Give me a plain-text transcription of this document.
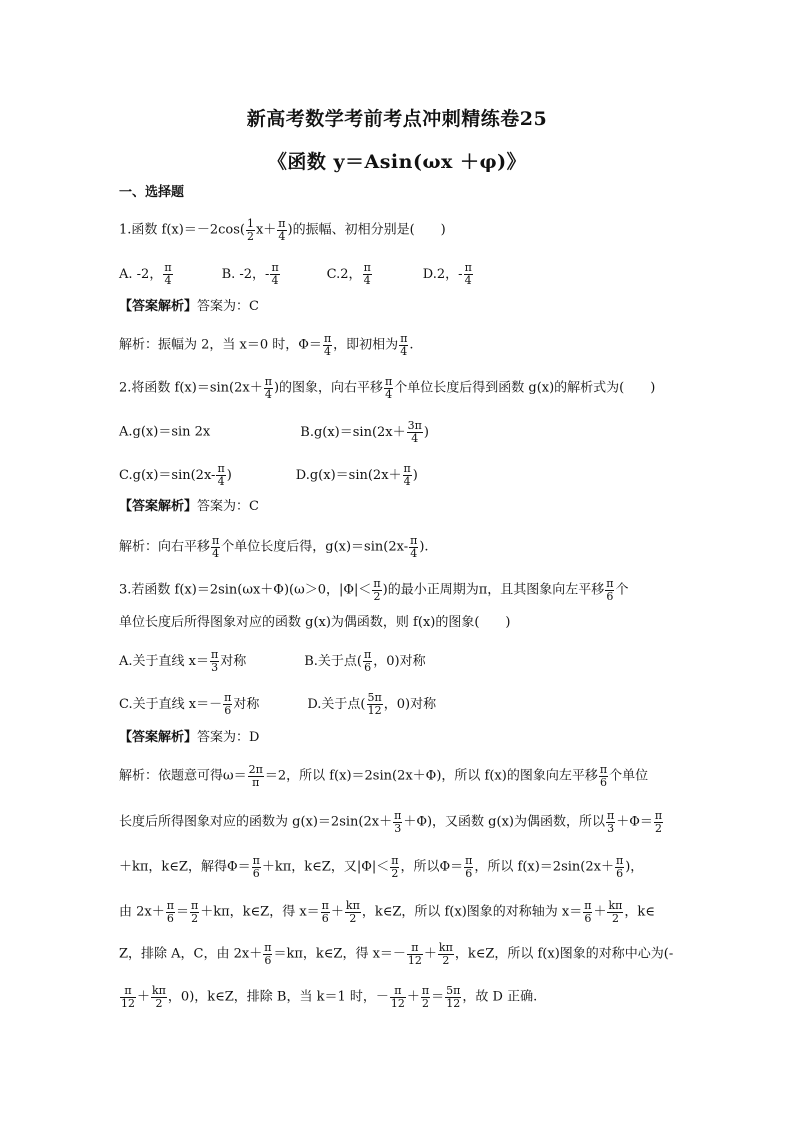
新高考数学考前考点冲刺精练卷25
《函数 y＝Asin(ωx ＋φ)》
一、选择题
1.函数 $f(x)=-2\cos( \frac{1}{2} x+ \frac{\pi}{4}$ )的振幅、初相分别是(　　)
A. -2， $\frac{\pi}{4}$	B. -2，- $\frac{\pi}{4}$	C.2， $\frac{\pi}{4}$	D.2，- $\frac{\pi}{4}$
【答案解析】答案为：C
解析：振幅为 2，当 x＝0 时，$\Phi= \frac{\pi}{4}$ ，即初相为 $\frac{\pi}{4}$ .
2.将函数 $f(x)=\sin(2x+ \frac{\pi}{4}$ )的图象，向右平移 $\frac{\pi}{4}$ 个单位长度后得到函数 g(x)的解析式为(　　)
A.g(x)＝sin 2x	$B.g(x)=\sin(2x+ \frac{3\pi}{4}$ )
$C.g(x)=\sin(2x- \frac{\pi}{4}$ )	$D.g(x)=\sin(2x+ \frac{\pi}{4}$ )
【答案解析】答案为：C
解析：向右平移 $\frac{\pi}{4}$ 个单位长度后得，$g(x)=\sin(2x- \frac{\pi}{4}$ ).
3.若函数 f(x)＝2sin(ωx＋Φ)(ω＞0，$|\Phi|< \frac{\pi}{2}$ )的最小正周期为π，且其图象向左平移 $\frac{\pi}{6}$ 个
单位长度后所得图象对应的函数 g(x)为偶函数，则 f(x)的图象(　　)
A.关于直线 $x= \frac{\pi}{3}$ 对称	B.关于点( $\frac{\pi}{6}$ ，0)对称
C.关于直线 $x=- \frac{\pi}{6}$ 对称	D.关于点( $\frac{5\pi}{12}$ ，0)对称
【答案解析】答案为：D
解析：依题意可得$\omega= \frac{2\pi}{\pi} =2$，所以 f(x)＝2sin(2x＋Φ)，所以 f(x)的图象向左平移 $\frac{\pi}{6}$ 个单位
长度后所得图象对应的函数为 $g(x)=2\sin(2x+ \frac{\pi}{3} +\Phi)$，又函数 g(x)为偶函数，所以 $\frac{\pi}{3} +\Phi= \frac{\pi}{2}$
＋kπ，k∈Z，解得$\Phi= \frac{\pi}{6} +k\pi$，k∈Z，又$|\Phi|< \frac{\pi}{2}$ ，所以$\Phi= \frac{\pi}{6}$ ，所以 $f(x)=2\sin(2x+ \frac{\pi}{6}$ )，
由 $2x+ \frac{\pi}{6} = \frac{\pi}{2} +k\pi$，k∈Z，得 $x= \frac{\pi}{6} + \frac{k\pi}{2}$ ，k∈Z，所以 f(x)图象的对称轴为 $x= \frac{\pi}{6} + \frac{k\pi}{2}$ ，k∈
Z，排除 A，C，由 $2x+ \frac{\pi}{6} =k\pi$，k∈Z，得 $x=- \frac{\pi}{12} + \frac{k\pi}{2}$ ，k∈Z，所以 f(x)图象的对称中心为(-
$\frac{\pi}{12} + \frac{k\pi}{2}$ ，0)，k∈Z，排除 B，当 k＝1 时，－ $\frac{\pi}{12} + \frac{\pi}{2} = \frac{5\pi}{12}$ ，故 D 正确.
